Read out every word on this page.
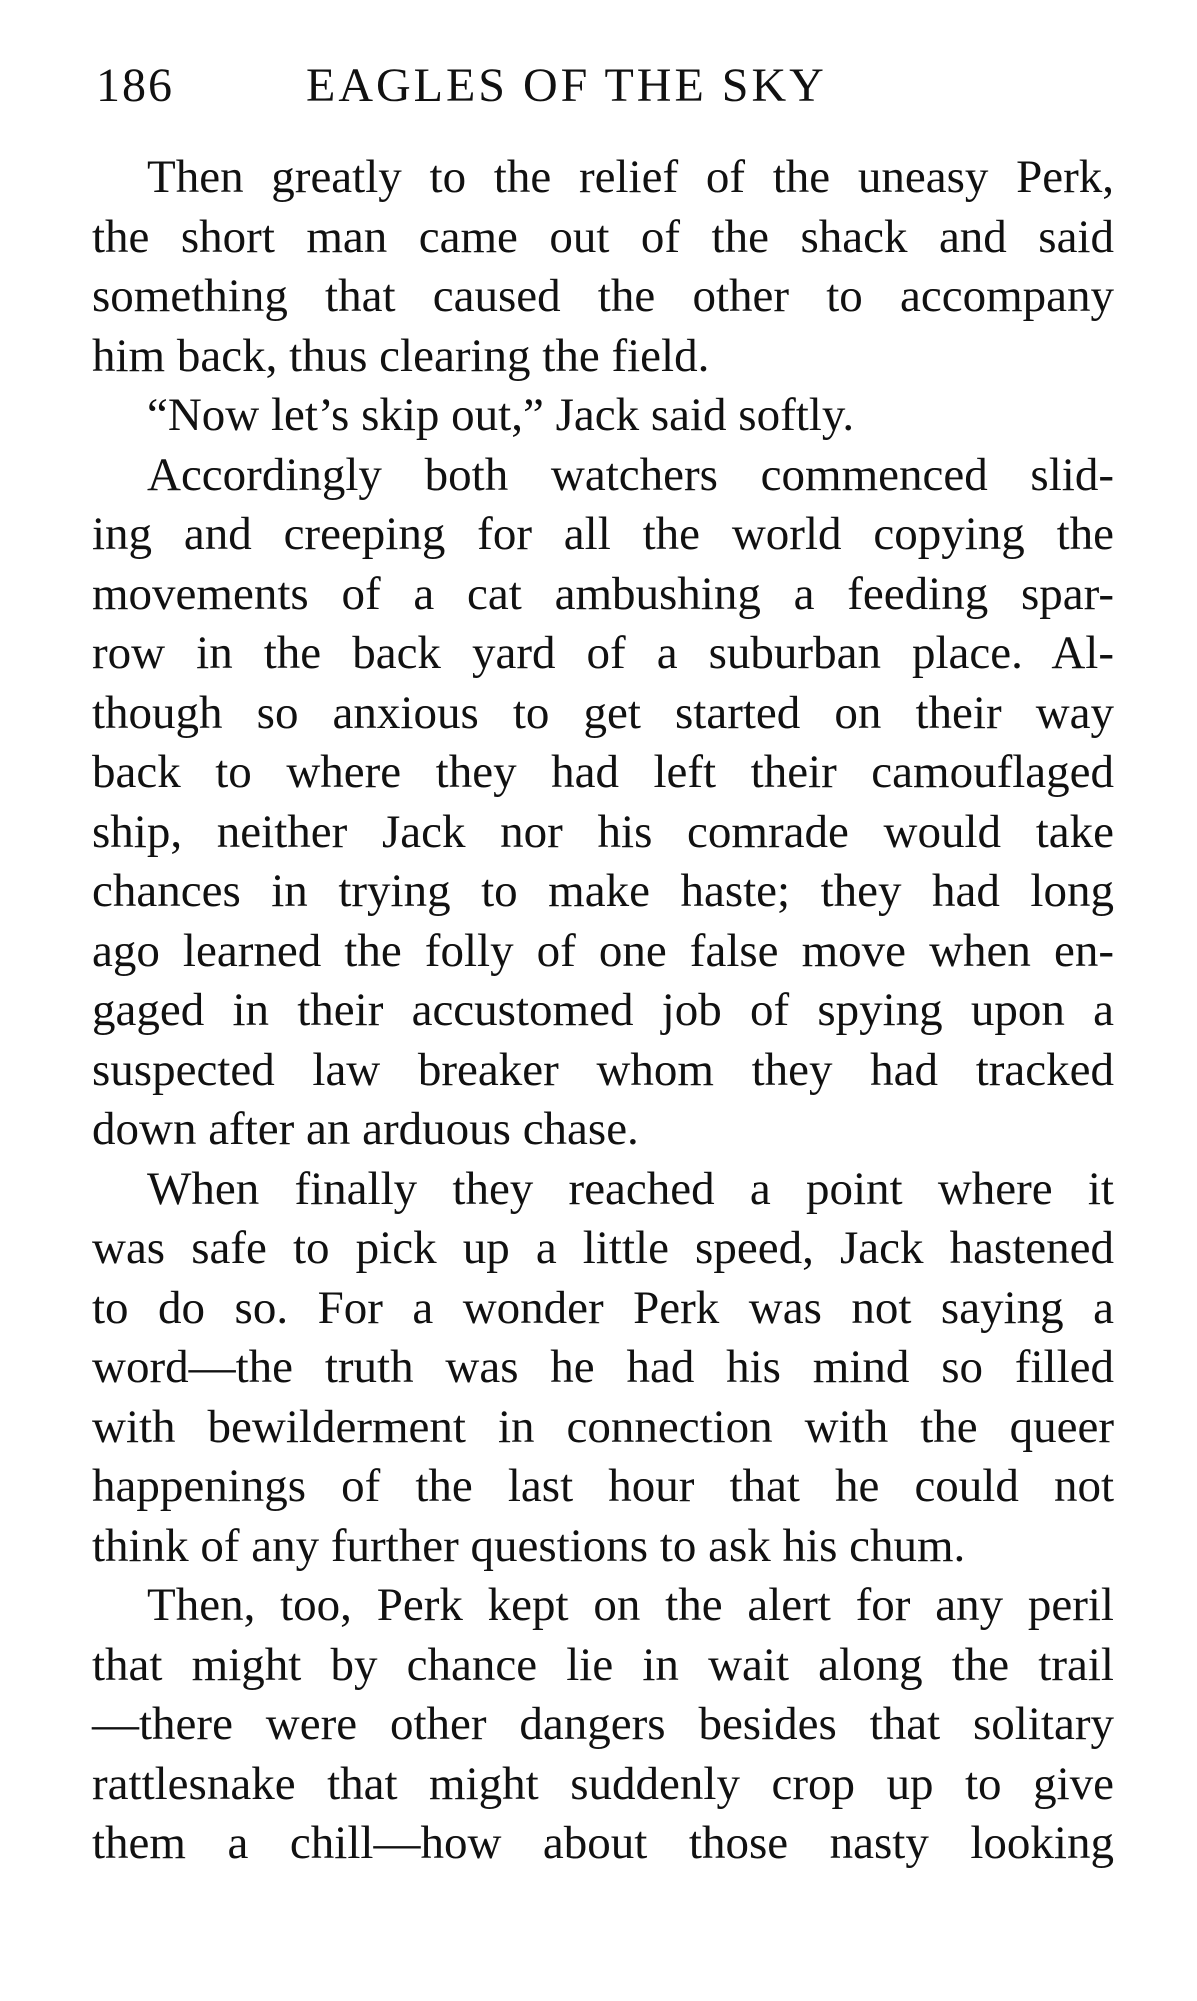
186	EAGLES OF THE SKY
Then greatly to the relief of the uneasy Perk,
the short man came out of the shack and said
something that caused the other to accompany
him back, thus clearing the field.
“Now let’s skip out,” Jack said softly.
Accordingly both watchers commenced slid-
ing and creeping for all the world copying the
movements of a cat ambushing a feeding spar-
row in the back yard of a suburban place. Al-
though so anxious to get started on their way
back to where they had left their camouflaged
ship, neither Jack nor his comrade would take
chances in trying to make haste; they had long
ago learned the folly of one false move when en-
gaged in their accustomed job of spying upon a
suspected law breaker whom they had tracked
down after an arduous chase.
When finally they reached a point where it
was safe to pick up a little speed, Jack hastened
to do so. For a wonder Perk was not saying a
word—the truth was he had his mind so filled
with bewilderment in connection with the queer
happenings of the last hour that he could not
think of any further questions to ask his chum.
Then, too, Perk kept on the alert for any peril
that might by chance lie in wait along the trail
—there were other dangers besides that solitary
rattlesnake that might suddenly crop up to give
them a chill—how about those nasty looking
